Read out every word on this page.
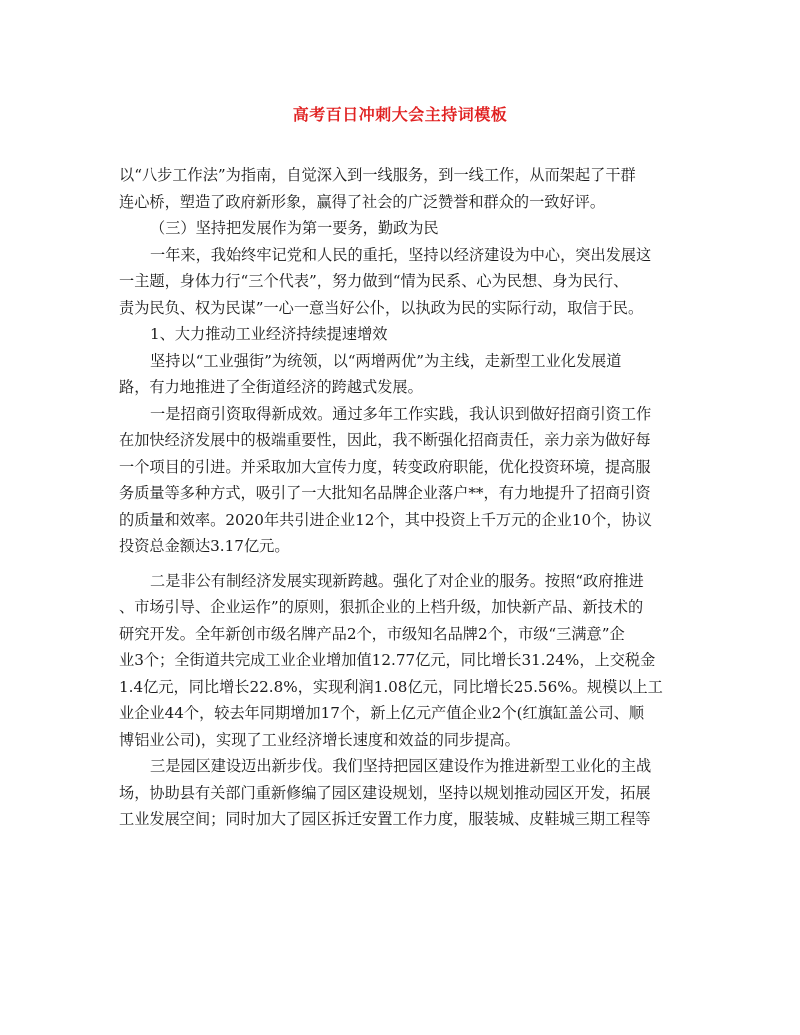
高考百日冲刺大会主持词模板
以“八步工作法”为指南，自觉深入到一线服务，到一线工作，从而架起了干群
连心桥，塑造了政府新形象，赢得了社会的广泛赞誉和群众的一致好评。
（三）坚持把发展作为第一要务，勤政为民
一年来，我始终牢记党和人民的重托，坚持以经济建设为中心，突出发展这
一主题，身体力行“三个代表”，努力做到“情为民系、心为民想、身为民行、
责为民负、权为民谋”一心一意当好公仆，以执政为民的实际行动，取信于民。
1、大力推动工业经济持续提速增效
坚持以“工业强街”为统领，以“两增两优”为主线，走新型工业化发展道
路，有力地推进了全街道经济的跨越式发展。
一是招商引资取得新成效。通过多年工作实践，我认识到做好招商引资工作
在加快经济发展中的极端重要性，因此，我不断强化招商责任，亲力亲为做好每
一个项目的引进。并采取加大宣传力度，转变政府职能，优化投资环境，提高服
务质量等多种方式，吸引了一大批知名品牌企业落户**，有力地提升了招商引资
的质量和效率。2020年共引进企业12个，其中投资上千万元的企业10个，协议
投资总金额达3.17亿元。
二是非公有制经济发展实现新跨越。强化了对企业的服务。按照“政府推进
、市场引导、企业运作”的原则，狠抓企业的上档升级，加快新产品、新技术的
研究开发。全年新创市级名牌产品2个，市级知名品牌2个，市级“三满意”企
业3个；全街道共完成工业企业增加值12.77亿元，同比增长31.24%，上交税金
1.4亿元，同比增长22.8%，实现利润1.08亿元，同比增长25.56%。规模以上工
业企业44个，较去年同期增加17个，新上亿元产值企业2个(红旗缸盖公司、顺
博铝业公司)，实现了工业经济增长速度和效益的同步提高。
三是园区建设迈出新步伐。我们坚持把园区建设作为推进新型工业化的主战
场，协助县有关部门重新修编了园区建设规划，坚持以规划推动园区开发，拓展
工业发展空间；同时加大了园区拆迁安置工作力度，服装城、皮鞋城三期工程等
